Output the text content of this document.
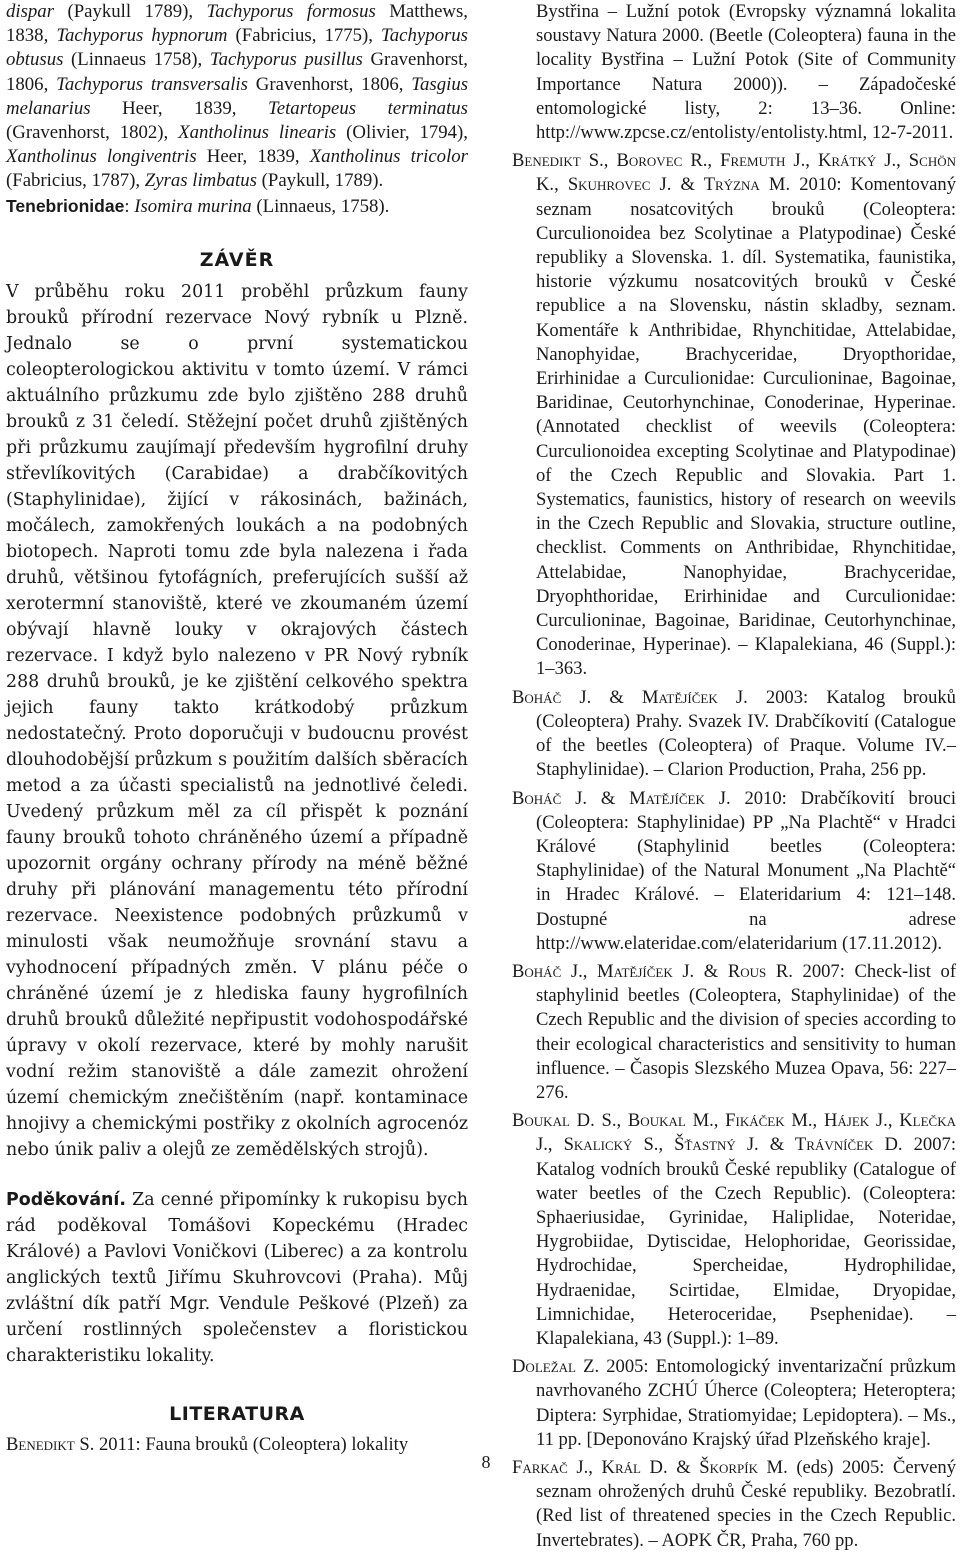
dispar (Paykull 1789), Tachyporus formosus Matthews, 1838, Tachyporus hypnorum (Fabricius, 1775), Tachyporus obtusus (Linnaeus 1758), Tachyporus pusillus Gravenhorst, 1806, Tachyporus transversalis Gravenhorst, 1806, Tasgius melanarius Heer, 1839, Tetartopeus terminatus (Gravenhorst, 1802), Xantholinus linearis (Olivier, 1794), Xantholinus longiventris Heer, 1839, Xantholinus tricolor (Fabricius, 1787), Zyras limbatus (Paykull, 1789).

Tenebrionidae: Isomira murina (Linnaeus, 1758).

ZÁVĚR

V průběhu roku 2011 proběhl průzkum fauny brouků přírodní rezervace Nový rybník u Plzně. Jednalo se o první systematickou coleopterologickou aktivitu v tomto území. V rámci aktuálního průzkumu zde bylo zjištěno 288 druhů brouků z 31 čeledí. Stěžejní počet druhů zjištěných při průzkumu zaujímají především hygrofilní druhy střevlíkovitých (Carabidae) a drabčíkovitých (Staphylinidae), žijící v rákosinách, bažinách, močálech, zamokřených loukách a na podobných biotopech. Naproti tomu zde byla nalezena i řada druhů, většinou fytofágních, preferujících sušší až xerotermní stanoviště, které ve zkoumaném území obývají hlavně louky v okrajových částech rezervace. I když bylo nalezeno v PR Nový rybník 288 druhů brouků, je ke zjištění celkového spektra jejich fauny takto krátkodobý průzkum nedostatečný. Proto doporučuji v budoucnu provést dlouhodobější průzkum s použitím dalších sběracích metod a za účasti specialistů na jednotlivé čeledi. Uvedený průzkum měl za cíl přispět k poznání fauny brouků tohoto chráněného území a případně upozornit orgány ochrany přírody na méně běžné druhy při plánování managementu této přírodní rezervace. Neexistence podobných průzkumů v minulosti však neumožňuje srovnání stavu a vyhodnocení případných změn. V plánu péče o chráněné území je z hlediska fauny hygrofilních druhů brouků důležité nepřipustit vodohospodářské úpravy v okolí rezervace, které by mohly narušit vodní režim stanoviště a dále zamezit ohrožení území chemickým znečištěním (např. kontaminace hnojivy a chemickými postřiky z okolních agrocenóz nebo únik paliv a olejů ze zemědělských strojů).

Poděkování. Za cenné připomínky k rukopisu bych rád poděkoval Tomášovi Kopeckému (Hradec Králové) a Pavlovi Voničkovi (Liberec) a za kontrolu anglických textů Jiřímu Skuhrovcovi (Praha). Můj zvláštní dík patří Mgr. Vendule Peškové (Plzeň) za určení rostlinných společenstev a floristickou charakteristiku lokality.

LITERATURA

Benedikt S. 2011: Fauna brouků (Coleoptera) lokality

Bystřina – Lužní potok (Evropsky významná lokalita soustavy Natura 2000. (Beetle (Coleoptera) fauna in the locality Bystřina – Lužní Potok (Site of Community Importance Natura 2000)). – Západočeské entomologické listy, 2: 13–36. Online: http://www.zpcse.cz/entolisty/entolisty.html, 12-7-2011.

Benedikt S., Borovec R., Fremuth J., Krátký J., Schön K., Skuhrovec J. & Trýzna M. 2010: Komentovaný seznam nosatcovitých brouků (Coleoptera: Curculionoidea bez Scolytinae a Platypodinae) České republiky a Slovenska. 1. díl. Systematika, faunistika, historie výzkumu nosatcovitých brouků v České republice a na Slovensku, nástin skladby, seznam. Komentáře k Anthribidae, Rhynchitidae, Attelabidae, Nanophyidae, Brachyceridae, Dryopthoridae, Erirhinidae a Curculionidae: Curculioninae, Bagoinae, Baridinae, Ceutorhynchinae, Conoderinae, Hyperinae. (Annotated checklist of weevils (Coleoptera: Curculionoidea excepting Scolytinae and Platypodinae) of the Czech Republic and Slovakia. Part 1. Systematics, faunistics, history of research on weevils in the Czech Republic and Slovakia, structure outline, checklist. Comments on Anthribidae, Rhynchitidae, Attelabidae, Nanophyidae, Brachyceridae, Dryophthoridae, Erirhinidae and Curculionidae: Curculioninae, Bagoinae, Baridinae, Ceutorhynchinae, Conoderinae, Hyperinae). – Klapalekiana, 46 (Suppl.): 1–363.

Boháč J. & Matějíček J. 2003: Katalog brouků (Coleoptera) Prahy. Svazek IV. Drabčíkovití (Catalogue of the beetles (Coleoptera) of Praque. Volume IV.– Staphylinidae). – Clarion Production, Praha, 256 pp.

Boháč J. & Matějíček J. 2010: Drabčíkovití brouci (Coleoptera: Staphylinidae) PP „Na Plachtě“ v Hradci Králové (Staphylinid beetles (Coleoptera: Staphylinidae) of the Natural Monument „Na Plachtě“ in Hradec Králové. – Elateridarium 4: 121–148. Dostupné na adrese http://www.elateridae.com/elateridarium (17.11.2012).

Boháč J., Matějíček J. & Rous R. 2007: Check-list of staphylinid beetles (Coleoptera, Staphylinidae) of the Czech Republic and the division of species according to their ecological characteristics and sensitivity to human influence. – Časopis Slezského Muzea Opava, 56: 227–276.

Boukal D. S., Boukal M., Fikáček M., Hájek J., Klečka J., Skalický S., Šťastný J. & Trávníček D. 2007: Katalog vodních brouků České republiky (Catalogue of water beetles of the Czech Republic). (Coleoptera: Sphaeriusidae, Gyrinidae, Haliplidae, Noteridae, Hygrobiidae, Dytiscidae, Helophoridae, Georissidae, Hydrochidae, Spercheidae, Hydrophilidae, Hydraenidae, Scirtidae, Elmidae, Dryopidae, Limnichidae, Heteroceridae, Psephenidae). – Klapalekiana, 43 (Suppl.): 1–89.

Doležal Z. 2005: Entomologický inventarizační průzkum navrhovaného ZCHÚ Úherce (Coleoptera; Heteroptera; Diptera: Syrphidae, Stratiomyidae; Lepidoptera). – Ms., 11 pp. [Deponováno Krajský úřad Plzeňského kraje].

Farkač J., Král D. & Škorpík M. (eds) 2005: Červený seznam ohrožených druhů České republiky. Bezobratlí. (Red list of threatened species in the Czech Republic. Invertebrates). – AOPK ČR, Praha, 760 pp.

8
